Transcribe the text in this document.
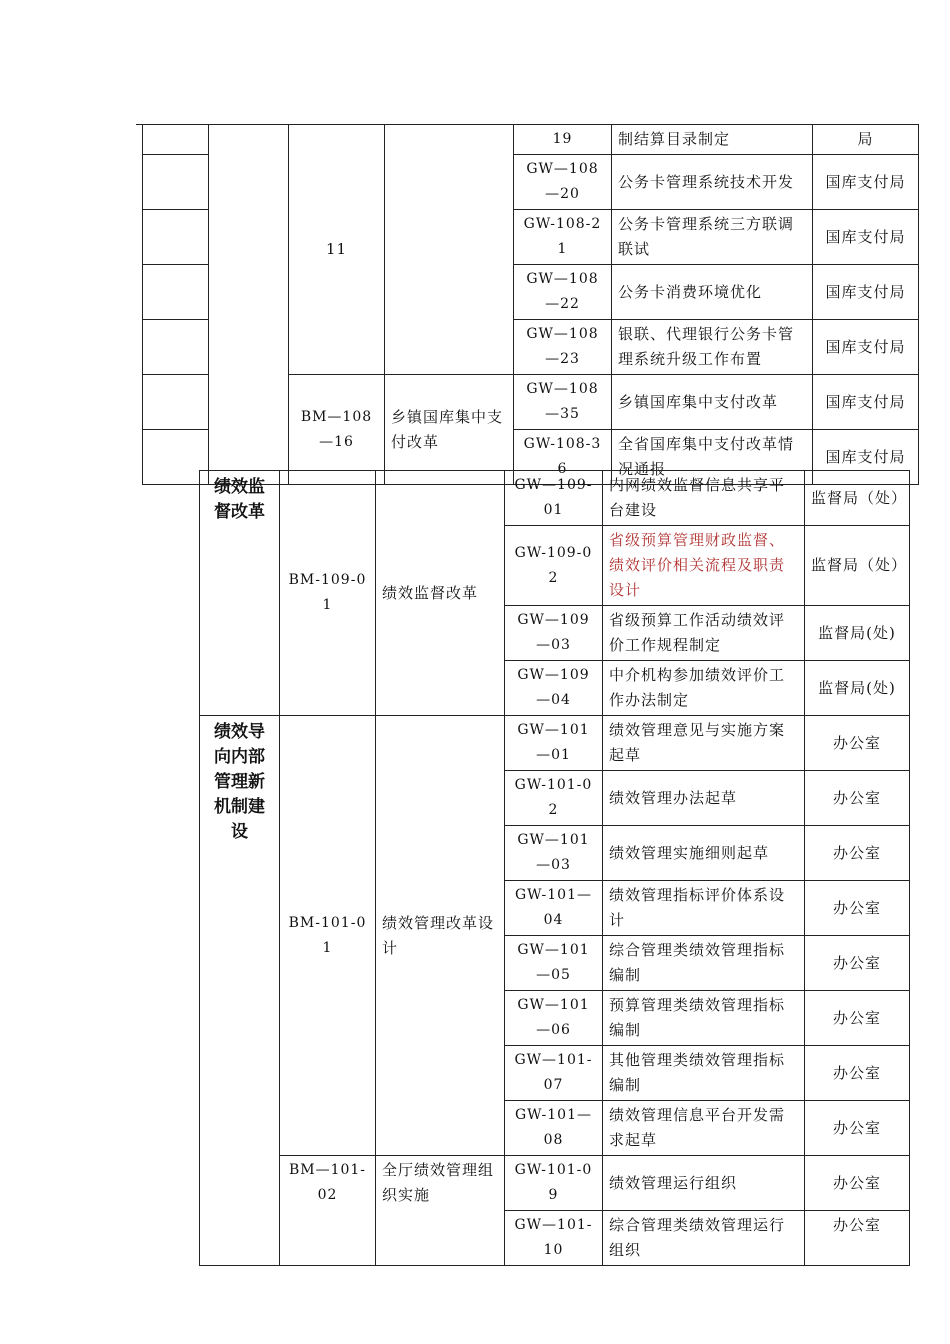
		11		19	制结算目录制定	局
				GW—108—20	公务卡管理系统技术开发	国库支付局
				GW-108-21	公务卡管理系统三方联调联试	国库支付局
				GW—108—22	公务卡消费环境优化	国库支付局
				GW—108—23	银联、代理银行公务卡管理系统升级工作布置	国库支付局
		BM—108—16	乡镇国库集中支付改革	GW—108—35	乡镇国库集中支付改革	国库支付局
				GW-108-36	全省国库集中支付改革情况通报	国库支付局
绩效监督改革	BM-109-01	绩效监督改革	GW—109-01	内网绩效监督信息共享平台建设	监督局（处）
			GW-109-02	省级预算管理财政监督、绩效评价相关流程及职责设计	监督局（处）
			GW—109—03	省级预算工作活动绩效评价工作规程制定	监督局(处)
			GW—109—04	中介机构参加绩效评价工作办法制定	监督局(处)
绩效导向内部管理新机制建设	BM-101-01	绩效管理改革设计	GW—101—01	绩效管理意见与实施方案起草	办公室
			GW-101-02	绩效管理办法起草	办公室
			GW—101—03	绩效管理实施细则起草	办公室
			GW-101—04	绩效管理指标评价体系设计	办公室
			GW—101—05	综合管理类绩效管理指标编制	办公室
			GW—101—06	预算管理类绩效管理指标编制	办公室
			GW—101-07	其他管理类绩效管理指标编制	办公室
			GW-101—08	绩效管理信息平台开发需求起草	办公室
	BM—101-02	全厅绩效管理组织实施	GW-101-09	绩效管理运行组织	办公室
			GW—101-10	综合管理类绩效管理运行组织	办公室
